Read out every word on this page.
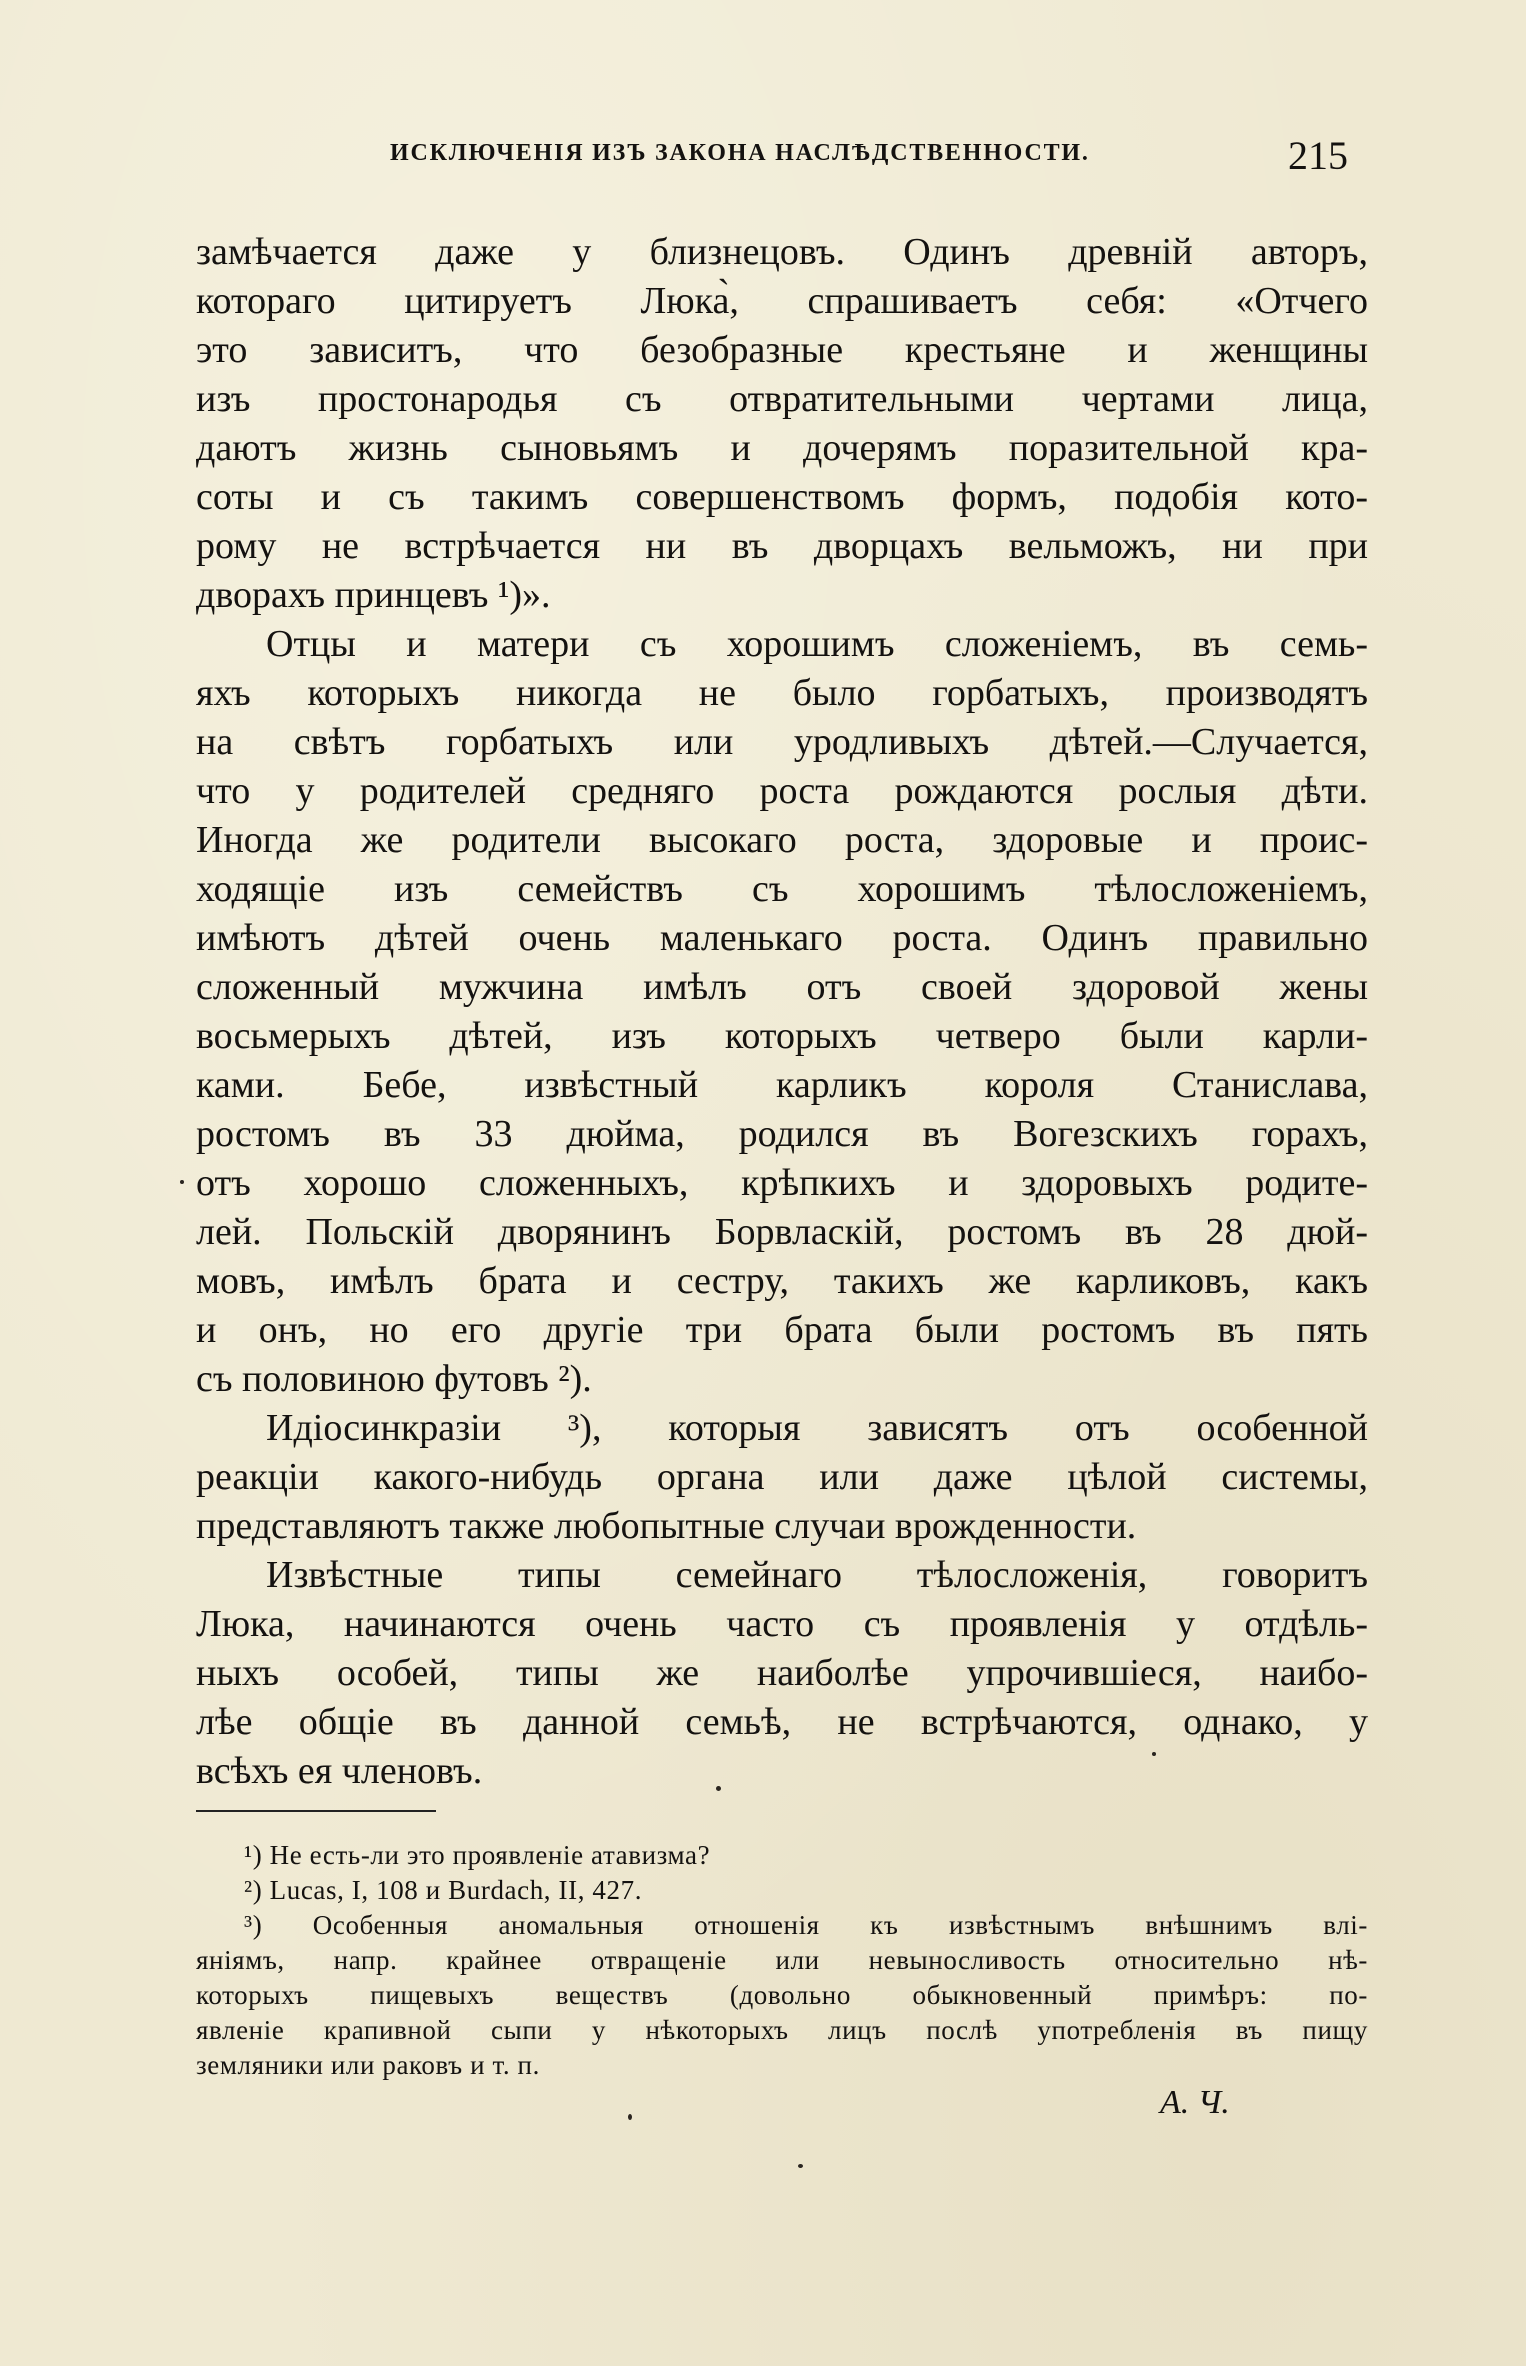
ИСКЛЮЧЕНІЯ ИЗЪ ЗАКОНА НАСЛѢДСТВЕННОСТИ.	215
замѣчается даже у близнецовъ. Одинъ древній авторъ,
котораго цитируетъ Люка̀, спрашиваетъ себя: «Отчего
это зависитъ, что безобразные крестьяне и женщины
изъ простонародья съ отвратительными чертами лица,
даютъ жизнь сыновьямъ и дочерямъ поразительной кра-
соты и съ такимъ совершенствомъ формъ, подобія кото-
рому не встрѣчается ни въ дворцахъ вельможъ, ни при
дворахъ принцевъ ¹)».
Отцы и матери съ хорошимъ сложеніемъ, въ семь-
яхъ которыхъ никогда не было горбатыхъ, производятъ
на свѣтъ горбатыхъ или уродливыхъ дѣтей.—Случается,
что у родителей средняго роста рождаются рослыя дѣти.
Иногда же родители высокаго роста, здоровые и проис-
ходящіе изъ семействъ съ хорошимъ тѣлосложеніемъ,
имѣютъ дѣтей очень маленькаго роста. Одинъ правильно
сложенный мужчина имѣлъ отъ своей здоровой жены
восьмерыхъ дѣтей, изъ которыхъ четверо были карли-
ками. Бебе, извѣстный карликъ короля Станислава,
ростомъ въ 33 дюйма, родился въ Вогезскихъ горахъ,
отъ хорошо сложенныхъ, крѣпкихъ и здоровыхъ родите-
лей. Польскій дворянинъ Борвласкій, ростомъ въ 28 дюй-
мовъ, имѣлъ брата и сестру, такихъ же карликовъ, какъ
и онъ, но его другіе три брата были ростомъ въ пять
съ половиною футовъ ²).
Идіосинкразіи ³), которыя зависятъ отъ особенной
реакціи какого-нибудь органа или даже цѣлой системы,
представляютъ также любопытные случаи врожденности.
Извѣстные типы семейнаго тѣлосложенія, говоритъ
Люка, начинаются очень часто съ проявленія у отдѣль-
ныхъ особей, типы же наиболѣе упрочившіеся, наибо-
лѣе общіе въ данной семьѣ, не встрѣчаются, однако, у
всѣхъ ея членовъ.
¹) Не есть-ли это проявленіе атавизма?
²) Lucas, I, 108 и Burdach, II, 427.
³) Особенныя аномальныя отношенія къ извѣстнымъ внѣшнимъ влі-
яніямъ, напр. крайнее отвращеніе или невыносливость относительно нѣ-
которыхъ пищевыхъ веществъ (довольно обыкновенный примѣръ: по-
явленіе крапивной сыпи у нѣкоторыхъ лицъ послѣ употребленія въ пищу
земляники или раковъ и т. п.
А. Ч.
